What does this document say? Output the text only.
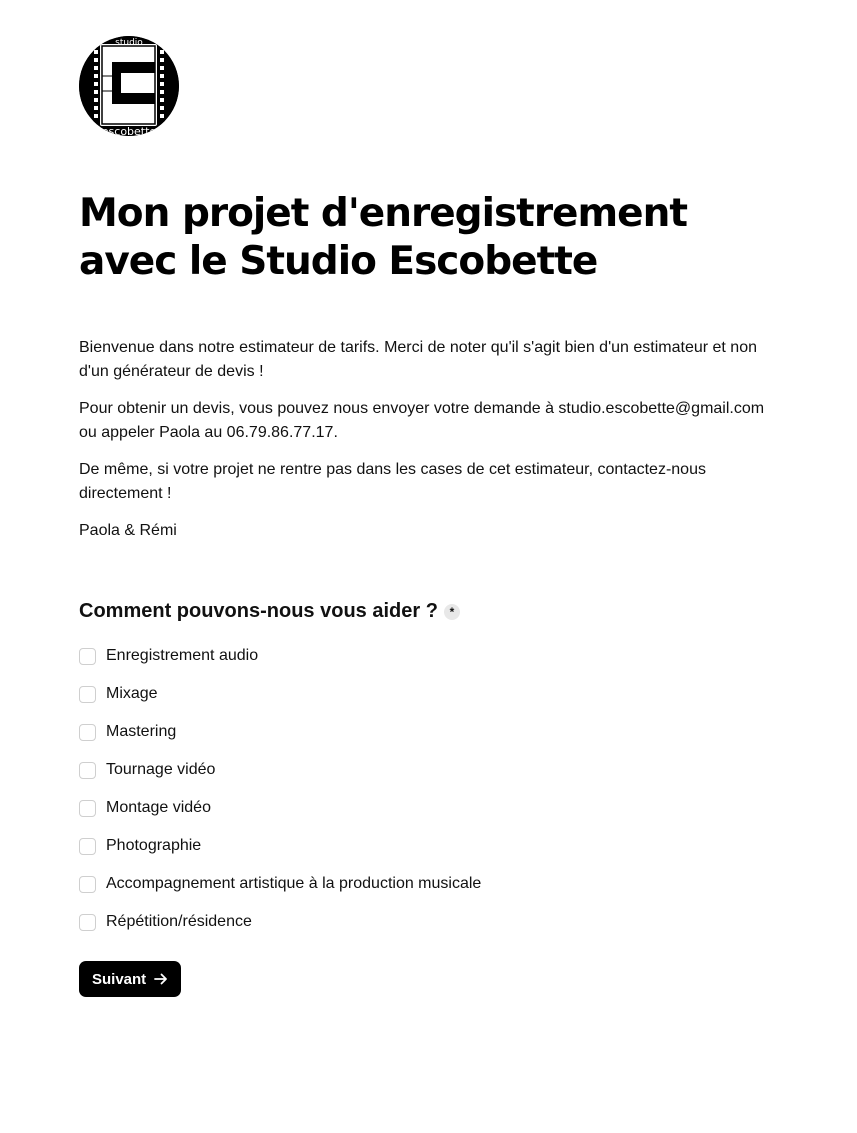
studio
escobette
Mon projet d'enregistrement avec le Studio Escobette

Bienvenue dans notre estimateur de tarifs. Merci de noter qu'il s'agit bien d'un estimateur et non d'un générateur de devis !

Pour obtenir un devis, vous pouvez nous envoyer votre demande à studio.escobette@gmail.com ou appeler Paola au 06.79.86.77.17.

De même, si votre projet ne rentre pas dans les cases de cet estimateur, contactez-nous directement !

Paola & Rémi

Comment pouvons-nous vous aider ? *
Enregistrement audio
Mixage
Mastering
Tournage vidéo
Montage vidéo
Photographie
Accompagnement artistique à la production musicale
Répétition/résidence
Suivant
